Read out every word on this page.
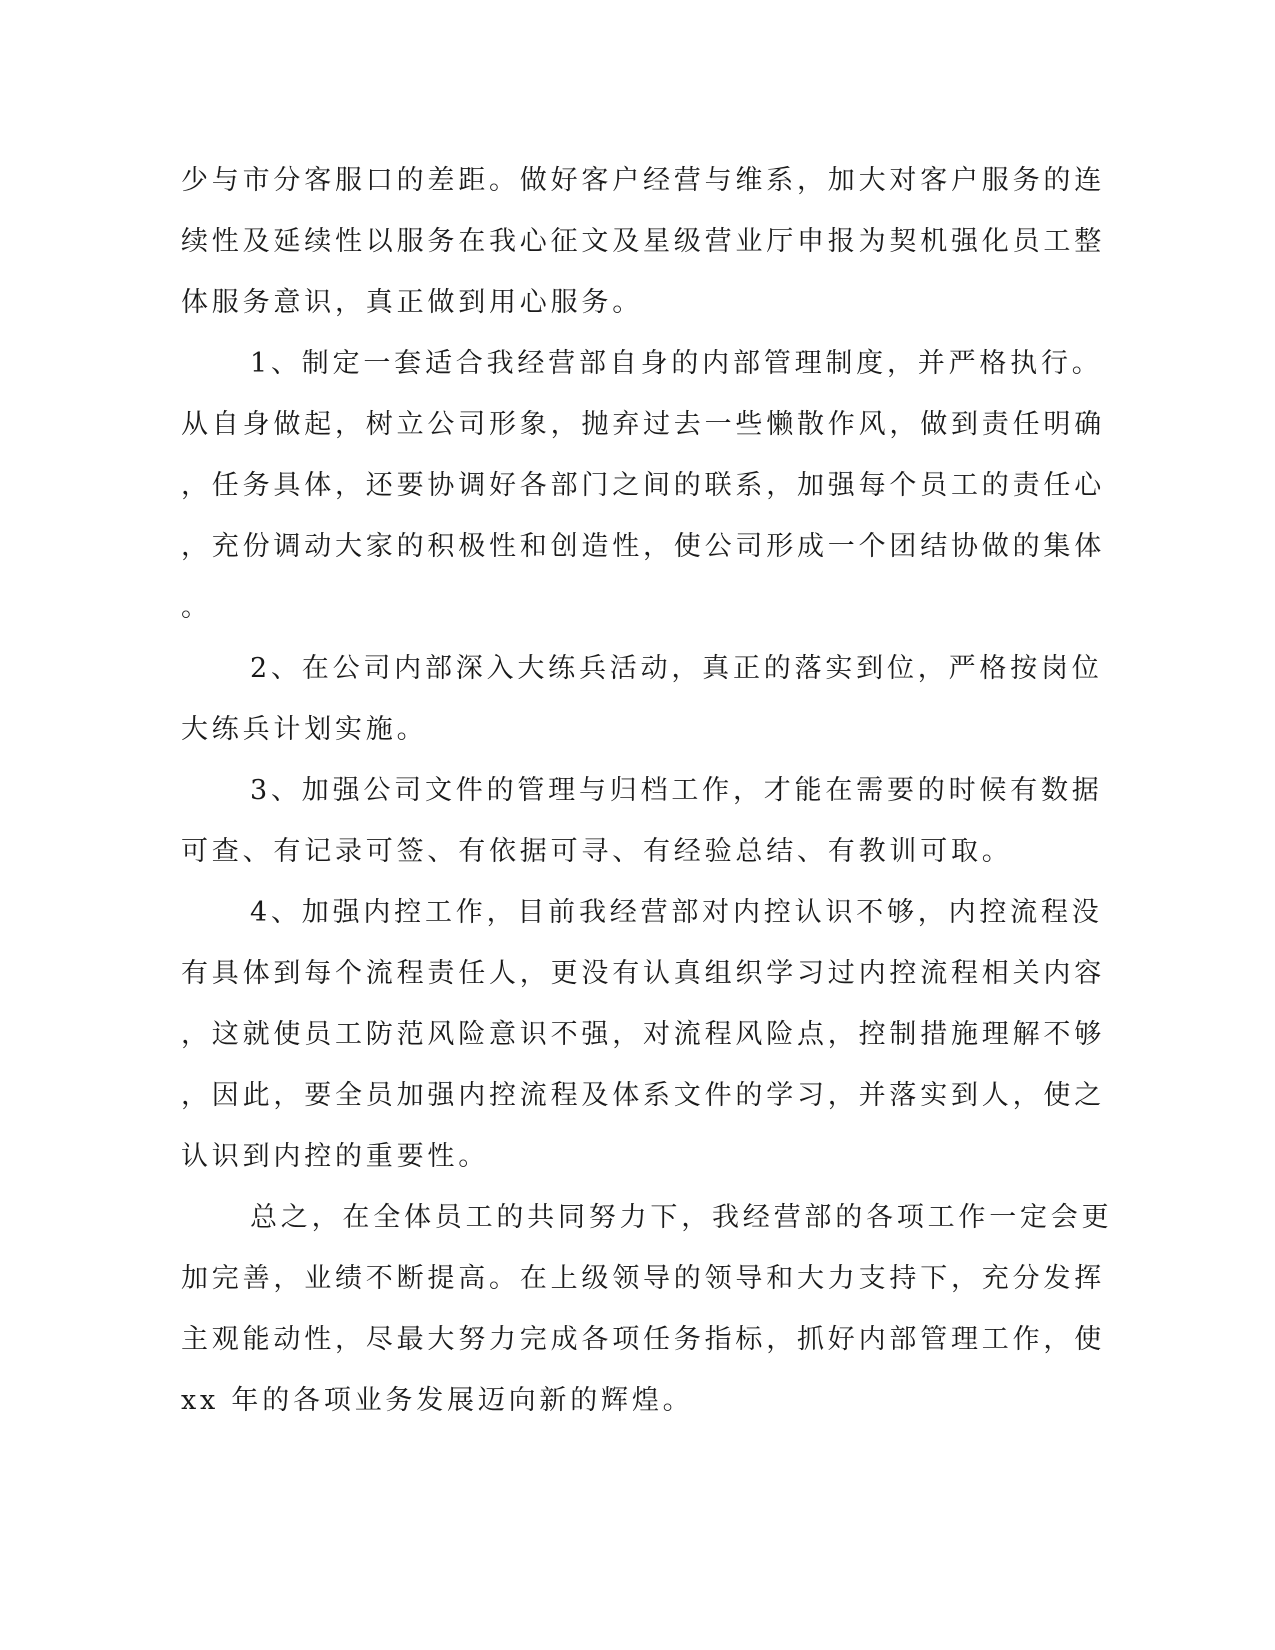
少与市分客服口的差距。做好客户经营与维系，加大对客户服务的连

续性及延续性以服务在我心征文及星级营业厅申报为契机强化员工整

体服务意识，真正做到用心服务。

1、制定一套适合我经营部自身的内部管理制度，并严格执行。

从自身做起，树立公司形象，抛弃过去一些懒散作风，做到责任明确

，任务具体，还要协调好各部门之间的联系，加强每个员工的责任心

，充份调动大家的积极性和创造性，使公司形成一个团结协做的集体

。

2、在公司内部深入大练兵活动，真正的落实到位，严格按岗位

大练兵计划实施。

3、加强公司文件的管理与归档工作，才能在需要的时候有数据

可查、有记录可签、有依据可寻、有经验总结、有教训可取。

4、加强内控工作，目前我经营部对内控认识不够，内控流程没

有具体到每个流程责任人，更没有认真组织学习过内控流程相关内容

，这就使员工防范风险意识不强，对流程风险点，控制措施理解不够

，因此，要全员加强内控流程及体系文件的学习，并落实到人，使之

认识到内控的重要性。

总之，在全体员工的共同努力下，我经营部的各项工作一定会更

加完善，业绩不断提高。在上级领导的领导和大力支持下，充分发挥

主观能动性，尽最大努力完成各项任务指标，抓好内部管理工作，使

xx 年的各项业务发展迈向新的辉煌。
